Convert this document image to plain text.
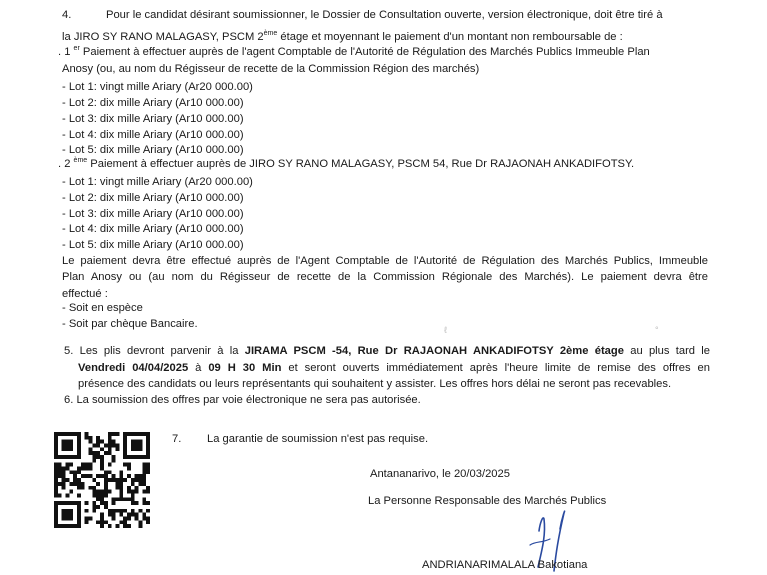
4.	Pour le candidat désirant soumissionner, le Dossier de Consultation ouverte, version électronique, doit être tiré à
la JIRO SY RANO MALAGASY, PSCM 2ème étage et moyennant le paiement d'un montant non remboursable de :
. 1 $^{er}$ Paiement à effectuer auprès de l'agent Comptable de l'Autorité de Régulation des Marchés Publics Immeuble Plan
Anosy (ou, au nom du Régisseur de recette de la Commission Région des marchés)
- Lot 1: vingt mille Ariary (Ar20 000.00)
- Lot 2: dix mille Ariary (Ar10 000.00)
- Lot 3: dix mille Ariary (Ar10 000.00)
- Lot 4: dix mille Ariary (Ar10 000.00)
- Lot 5: dix mille Ariary (Ar10 000.00)
. 2 $^{ème}$ Paiement à effectuer auprès de JIRO SY RANO MALAGASY, PSCM 54, Rue Dr RAJAONAH ANKADIFOTSY.
- Lot 1: vingt mille Ariary (Ar20 000.00)
- Lot 2: dix mille Ariary (Ar10 000.00)
- Lot 3: dix mille Ariary (Ar10 000.00)
- Lot 4: dix mille Ariary (Ar10 000.00)
- Lot 5: dix mille Ariary (Ar10 000.00)
Le paiement devra être effectué auprès de l'Agent Comptable de l'Autorité de Régulation des Marchés Publics, Immeuble
Plan Anosy ou (au nom du Régisseur de recette de la Commission Régionale des Marchés). Le paiement devra être
effectué :
- Soit en espèce
- Soit par chèque Bancaire.	ℓ	°
5. Les plis devront parvenir à la JIRAMA PSCM -54, Rue Dr RAJAONAH ANKADIFOTSY 2ème étage au plus tard le
Vendredi 04/04/2025 à 09 H 30 Min et seront ouverts immédiatement après l'heure limite de remise des offres en
présence des candidats ou leurs représentants qui souhaitent y assister. Les offres hors délai ne seront pas recevables.
6. La soumission des offres par voie électronique ne sera pas autorisée.
7. La garantie de soumission n'est pas requise.
Antananarivo, le 20/03/2025
La Personne Responsable des Marchés Publics
ANDRIANARIMALALA Bakotiana
